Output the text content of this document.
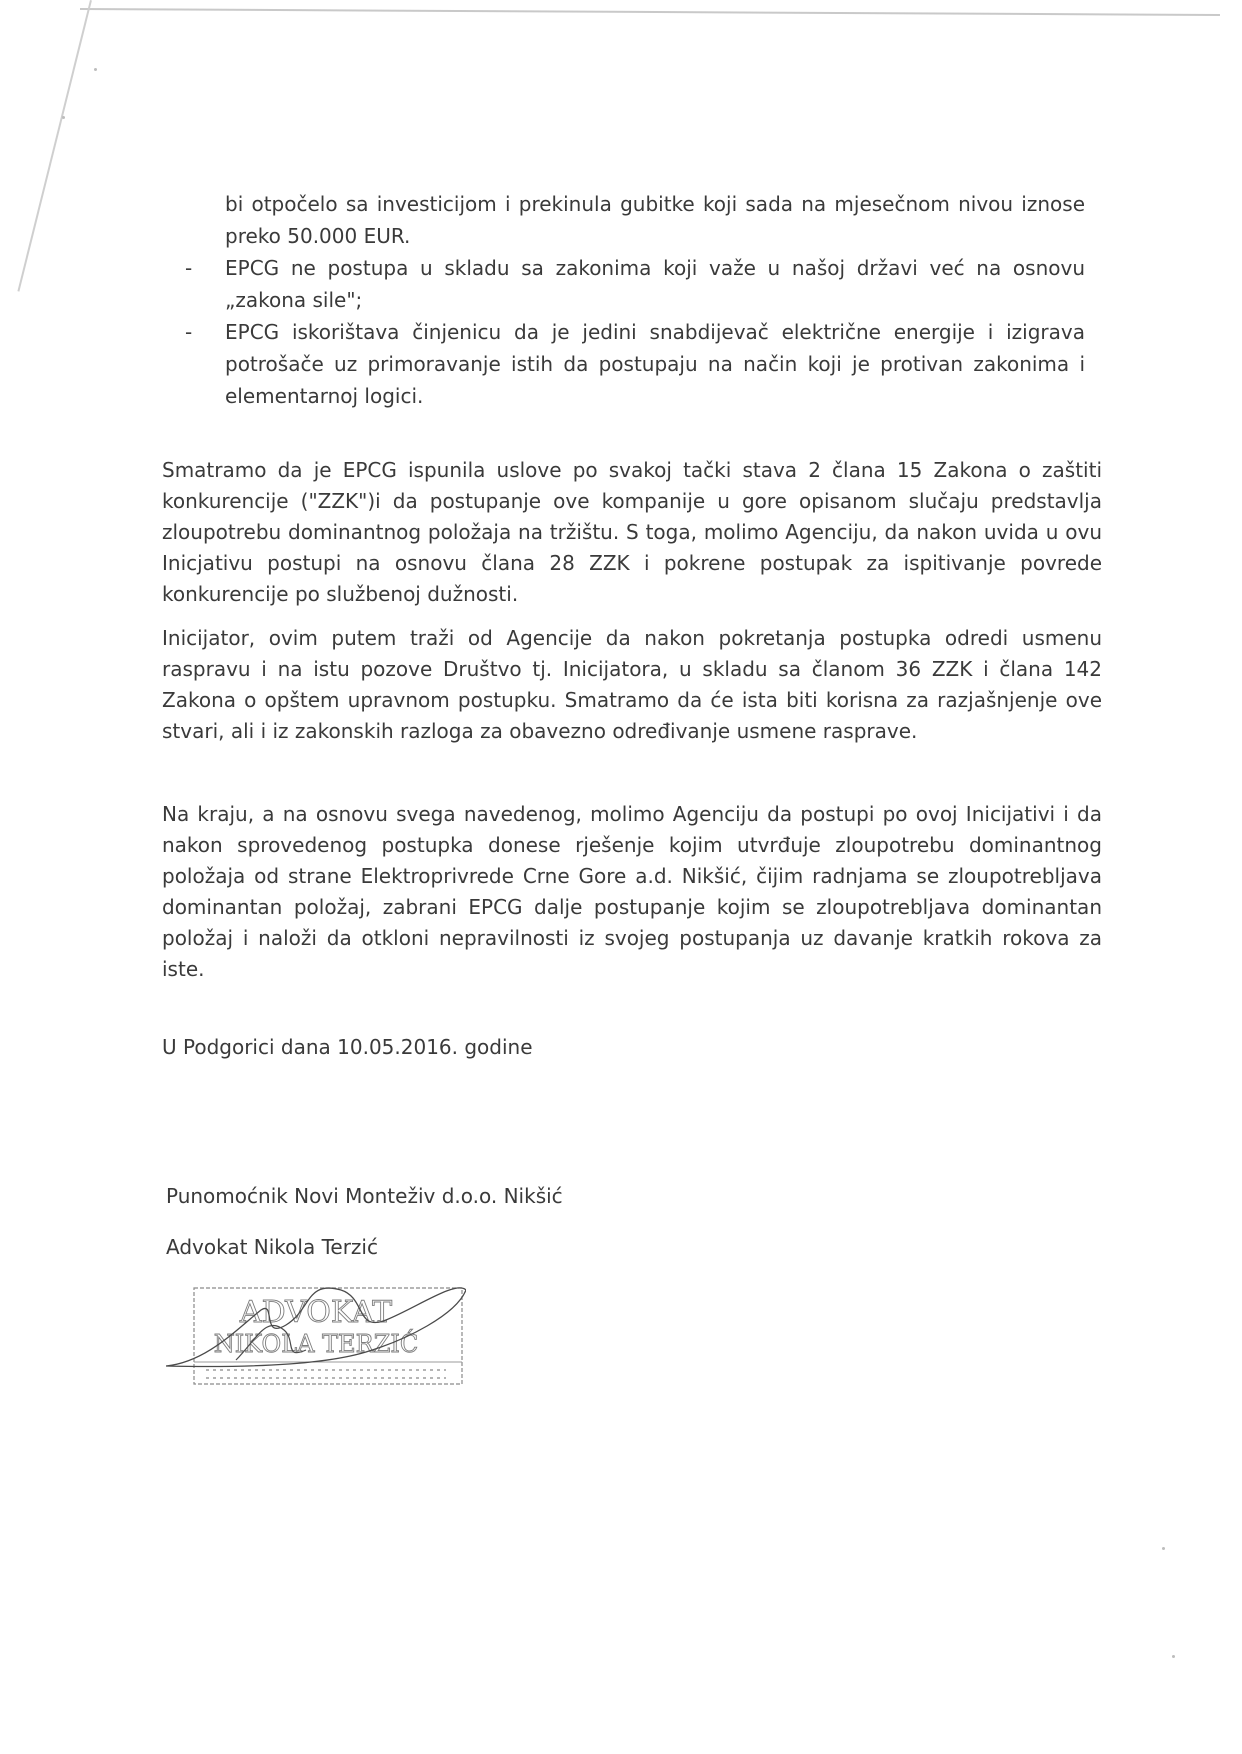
bi otpočelo sa investicijom i prekinula gubitke koji sada na mjesečnom nivou iznose preko 50.000 EUR.
- EPCG ne postupa u skladu sa zakonima koji važe u našoj državi već na osnovu „zakona sile";
- EPCG iskorištava činjenicu da je jedini snabdijevač električne energije i izigrava potrošače uz primoravanje istih da postupaju na način koji je protivan zakonima i elementarnoj logici.

Smatramo da je EPCG ispunila uslove po svakoj tački stava 2 člana 15 Zakona o zaštiti konkurencije ("ZZK")i da postupanje ove kompanije u gore opisanom slučaju predstavlja zloupotrebu dominantnog položaja na tržištu. S toga, molimo Agenciju, da nakon uvida u ovu Inicjativu postupi na osnovu člana 28 ZZK i pokrene postupak za ispitivanje povrede konkurencije po službenoj dužnosti.

Inicijator, ovim putem traži od Agencije da nakon pokretanja postupka odredi usmenu raspravu i na istu pozove Društvo tj. Inicijatora, u skladu sa članom 36 ZZK i člana 142 Zakona o opštem upravnom postupku. Smatramo da će ista biti korisna za razjašnjenje ove stvari, ali i iz zakonskih razloga za obavezno određivanje usmene rasprave.

Na kraju, a na osnovu svega navedenog, molimo Agenciju da postupi po ovoj Inicijativi i da nakon sprovedenog postupka donese rješenje kojim utvrđuje zloupotrebu dominantnog položaja od strane Elektroprivrede Crne Gore a.d. Nikšić, čijim radnjama se zloupotrebljava dominantan položaj, zabrani EPCG dalje postupanje kojim se zloupotrebljava dominantan položaj i naloži da otkloni nepravilnosti iz svojeg postupanja uz davanje kratkih rokova za iste.

U Podgorici dana 10.05.2016. godine
Punomoćnik Novi Monteživ d.o.o. Nikšić
Advokat Nikola Terzić
ADVOKAT
NIKOLA TERZIĆ
